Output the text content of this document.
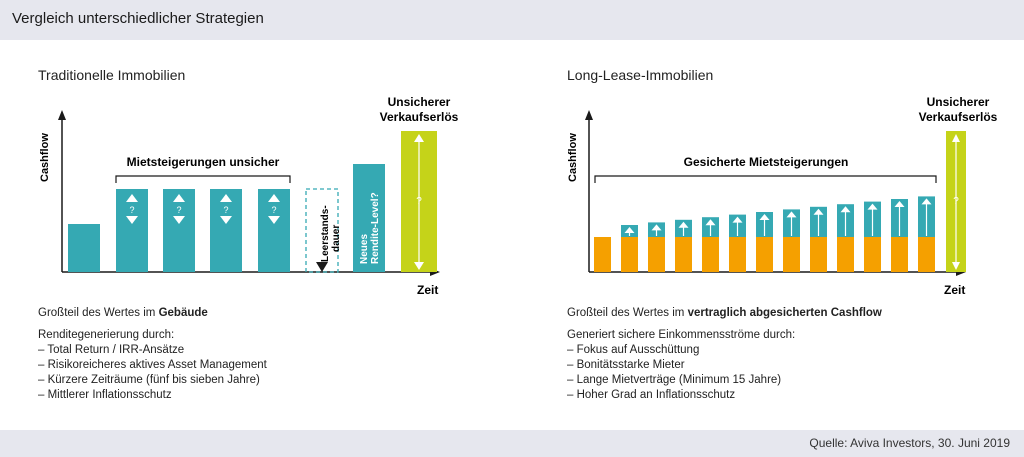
Vergleich unterschiedlicher Strategien
Traditionelle Immobilien
?	?	?	?
Mietsteigerungen unsicher
Leerstands- dauer Neues Rendite-Level?	?
Unsicherer
Verkaufserlös
Cashflow
Zeit
Cashflow
Zeit
Gesicherte Mietsteigerungen
?
Unsicherer
Verkaufserlös
Long-Lease-Immobilien
Großteil des Wertes im Gebäude
Renditegenerierung durch:
– Total Return / IRR-Ansätze
– Risikoreicheres aktives Asset Management
– Kürzere Zeiträume (fünf bis sieben Jahre)
– Mittlerer Inflationsschutz
Großteil des Wertes im vertraglich abgesicherten Cashflow
Generiert sichere Einkommensströme durch:
– Fokus auf Ausschüttung
– Bonitätsstarke Mieter
– Lange Mietverträge (Minimum 15 Jahre)
– Hoher Grad an Inflationsschutz
Quelle: Aviva Investors, 30. Juni 2019
